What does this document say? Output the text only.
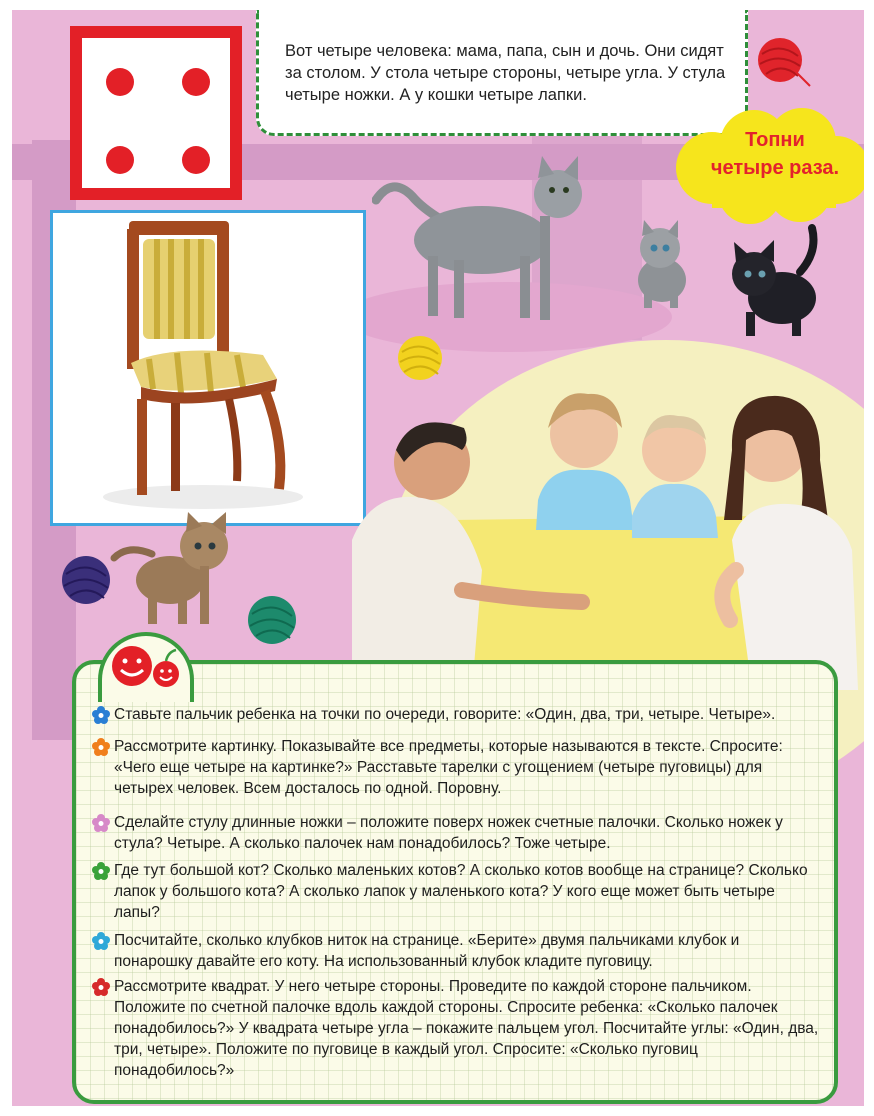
Вот четыре человека: мама, папа, сын и дочь. Они сидят за столом. У стола четыре стороны, четыре угла. У стула четыре ножки. А у кошки четыре лапки.
Топни
четыре раза.
Ставьте пальчик ребенка на точки по очереди, говорите: «Один, два, три, четыре. Четыре».
Рассмотрите картинку. Показывайте все предметы, которые называются в тексте. Спросите: «Чего еще четыре на картинке?» Расставьте тарелки с угощением (четыре пуговицы) для четырех человек. Всем досталось по одной. Поровну.
Сделайте стулу длинные ножки – положите поверх ножек счетные палочки. Сколько ножек у стула? Четыре. А сколько палочек нам понадобилось? Тоже четыре.
Где тут большой кот? Сколько маленьких котов? А сколько котов вообще на странице? Сколько лапок у большого кота? А сколько лапок у маленького кота? У кого еще может быть четыре лапы?
Посчитайте, сколько клубков ниток на странице. «Берите» двумя пальчиками клубок и понарошку давайте его коту. На использованный клубок кладите пуговицу.
Рассмотрите квадрат. У него четыре стороны. Проведите по каждой стороне пальчиком. Положите по счетной палочке вдоль каждой стороны. Спросите ребенка: «Сколько палочек понадобилось?» У квадрата четыре угла – покажите пальцем угол. Посчитайте углы: «Один, два, три, четыре». Положите по пуговице в каждый угол. Спросите: «Сколько пуговиц понадобилось?»
